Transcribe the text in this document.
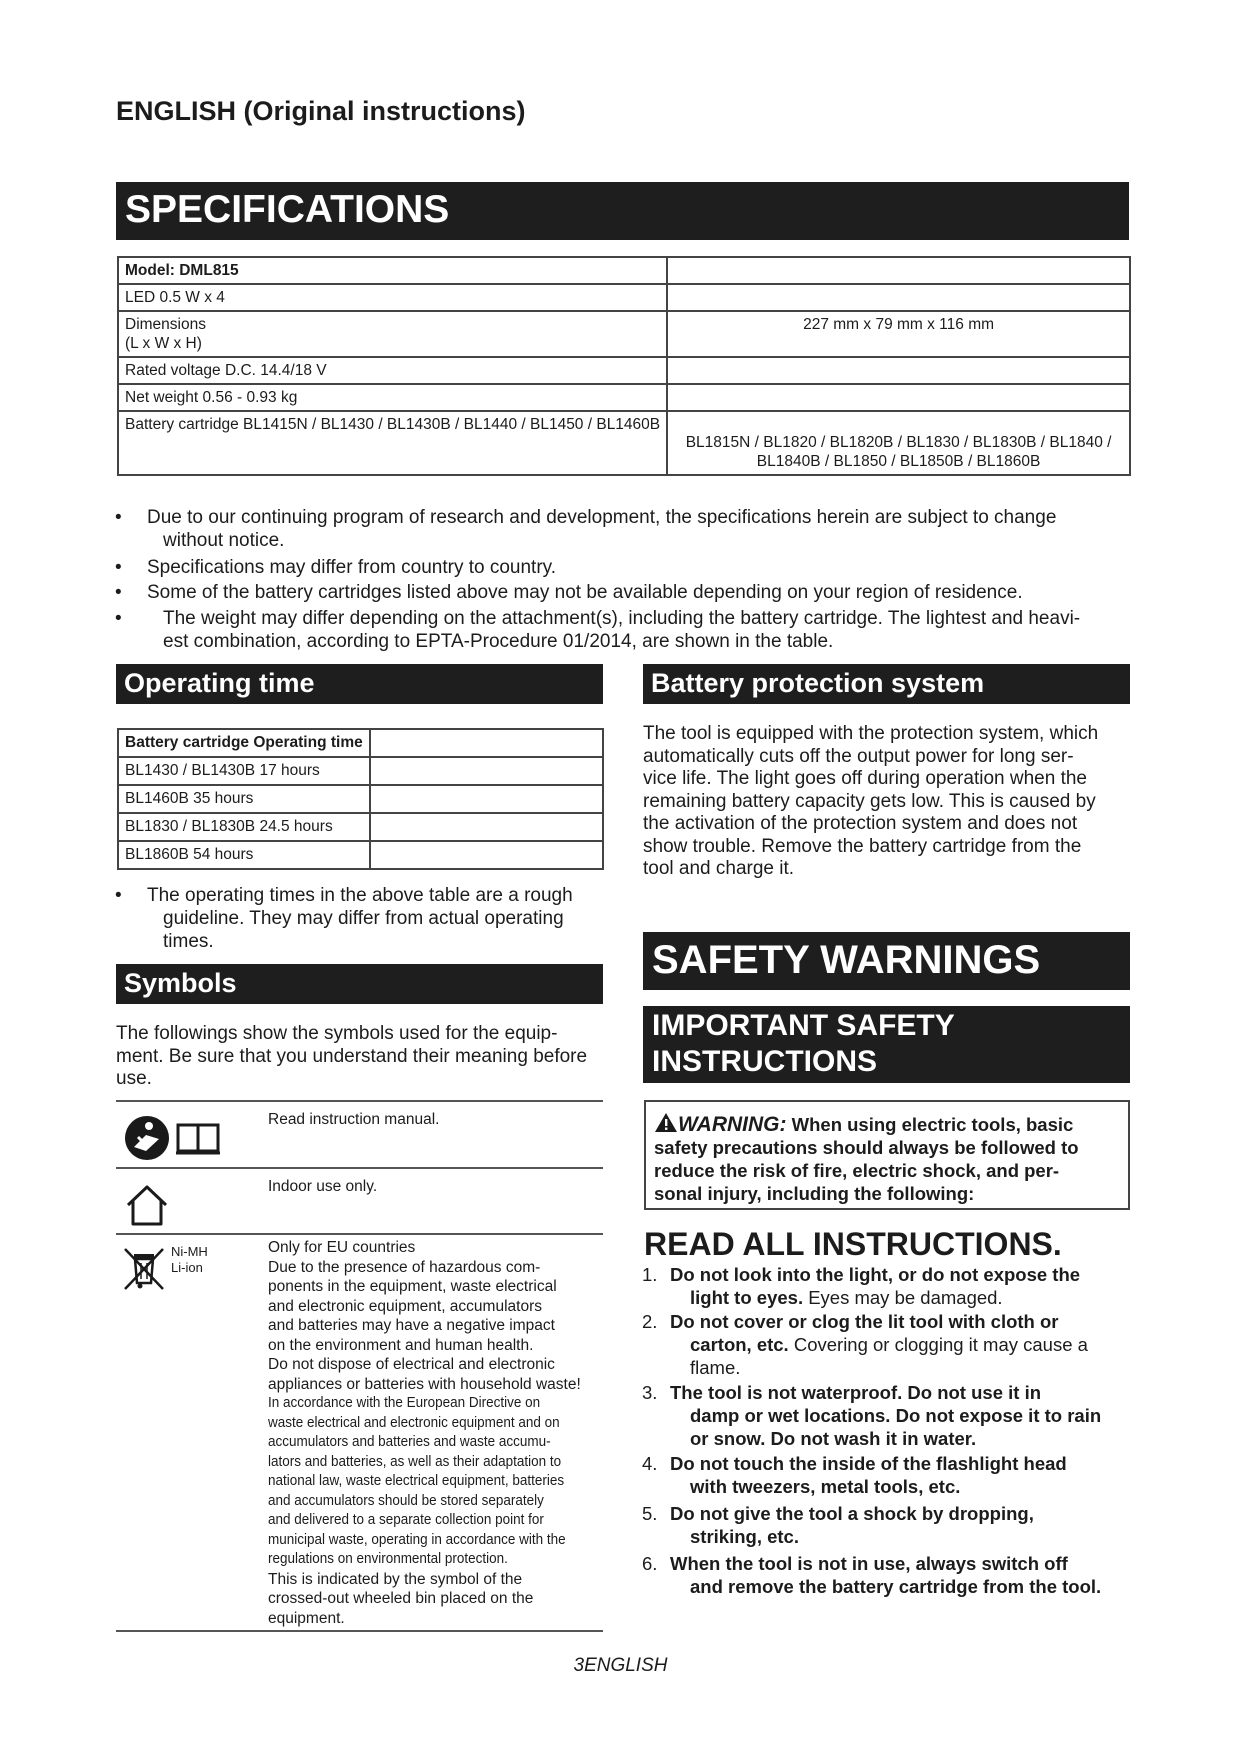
ENGLISH (Original instructions)
SPECIFICATIONS
Model: DML815	
LED 0.5 W x 4	

Dimensions
(L x W x H)	227 mm x 79 mm x 116 mm
Rated voltage D.C. 14.4/18 V	
Net weight 0.56 - 0.93 kg	
Battery cartridge BL1415N / BL1430 / BL1430B / BL1440 / BL1450 / BL1460B	BL1815N / BL1820 / BL1820B / BL1830 / BL1830B / BL1840 /
BL1840B / BL1850 / BL1850B / BL1860B
• Due to our continuing program of research and development, the specifications herein are subject to change
without notice.
• Specifications may differ from country to country.
• Some of the battery cartridges listed above may not be available depending on your region of residence.
• The weight may differ depending on the attachment(s), including the battery cartridge. The lightest and heavi-
est combination, according to EPTA-Procedure 01/2014, are shown in the table.
Operating time
Battery cartridge Operating time	
BL1430 / BL1430B 17 hours	
BL1460B 35 hours	
BL1830 / BL1830B 24.5 hours	
BL1860B 54 hours	
• The operating times in the above table are a rough
guideline. They may differ from actual operating
times.
Symbols
The followings show the symbols used for the equip-
ment. Be sure that you understand their meaning before
use.
Read instruction manual.
Indoor use only.
Ni-MH
Li-ion
Only for EU countries
Due to the presence of hazardous com-
ponents in the equipment, waste electrical
and electronic equipment, accumulators
and batteries may have a negative impact
on the environment and human health.
Do not dispose of electrical and electronic
appliances or batteries with household waste!
In accordance with the European Directive on
waste electrical and electronic equipment and on
accumulators and batteries and waste accumu-
lators and batteries, as well as their adaptation to
national law, waste electrical equipment, batteries
and accumulators should be stored separately
and delivered to a separate collection point for
municipal waste, operating in accordance with the
regulations on environmental protection.
This is indicated by the symbol of the
crossed-out wheeled bin placed on the
equipment.
Battery protection system
The tool is equipped with the protection system, which
automatically cuts off the output power for long ser-
vice life. The light goes off during operation when the
remaining battery capacity gets low. This is caused by
the activation of the protection system and does not
show trouble. Remove the battery cartridge from the
tool and charge it.
SAFETY WARNINGS
IMPORTANT SAFETY
INSTRUCTIONS
WARNING: When using electric tools, basic
safety precautions should always be followed to
reduce the risk of fire, electric shock, and per-
sonal injury, including the following:
READ ALL INSTRUCTIONS.
1. Do not look into the light, or do not expose the
light to eyes. Eyes may be damaged.
2. Do not cover or clog the lit tool with cloth or
carton, etc. Covering or clogging it may cause a
flame.
3. The tool is not waterproof. Do not use it in
damp or wet locations. Do not expose it to rain
or snow. Do not wash it in water.
4. Do not touch the inside of the flashlight head
with tweezers, metal tools, etc.
5. Do not give the tool a shock by dropping,
striking, etc.
6. When the tool is not in use, always switch off
and remove the battery cartridge from the tool.
3ENGLISH
